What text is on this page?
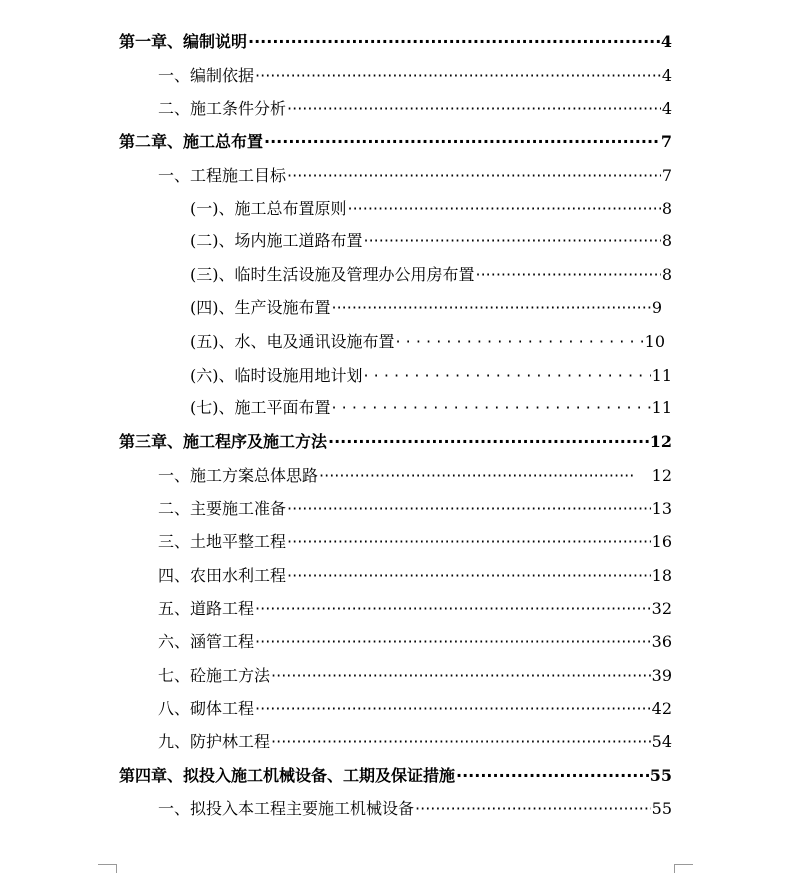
第一章、编制说明 ·····	4
一、编制依据 ·····	4
二、施工条件分析 ·····	4
第二章、施工总布置 ·····	7
一、工程施工目标 ·····	7
(一)、施工总布置原则 ·····	8
(二)、场内施工道路布置 ·····	8
(三)、临时生活设施及管理办公用房布置 ·····	8
(四)、生产设施布置 ·····	9
(五)、水、电及通讯设施布置 · · ·	10
(六)、临时设施用地计划 · · ·	11
(七)、施工平面布置 · · ·	11
第三章、施工程序及施工方法 ·····	12
一、施工方案总体思路 ·····	12
二、主要施工准备 ·····	13
三、土地平整工程 ·····	16
四、农田水利工程 ·····	18
五、道路工程 ·····	32
六、涵管工程 ·····	36
七、砼施工方法 ·····	39
八、砌体工程 ·····	42
九、防护林工程 ·····	54
第四章、拟投入施工机械设备、工期及保证措施 ·····	55
一、拟投入本工程主要施工机械设备 ·····	55
